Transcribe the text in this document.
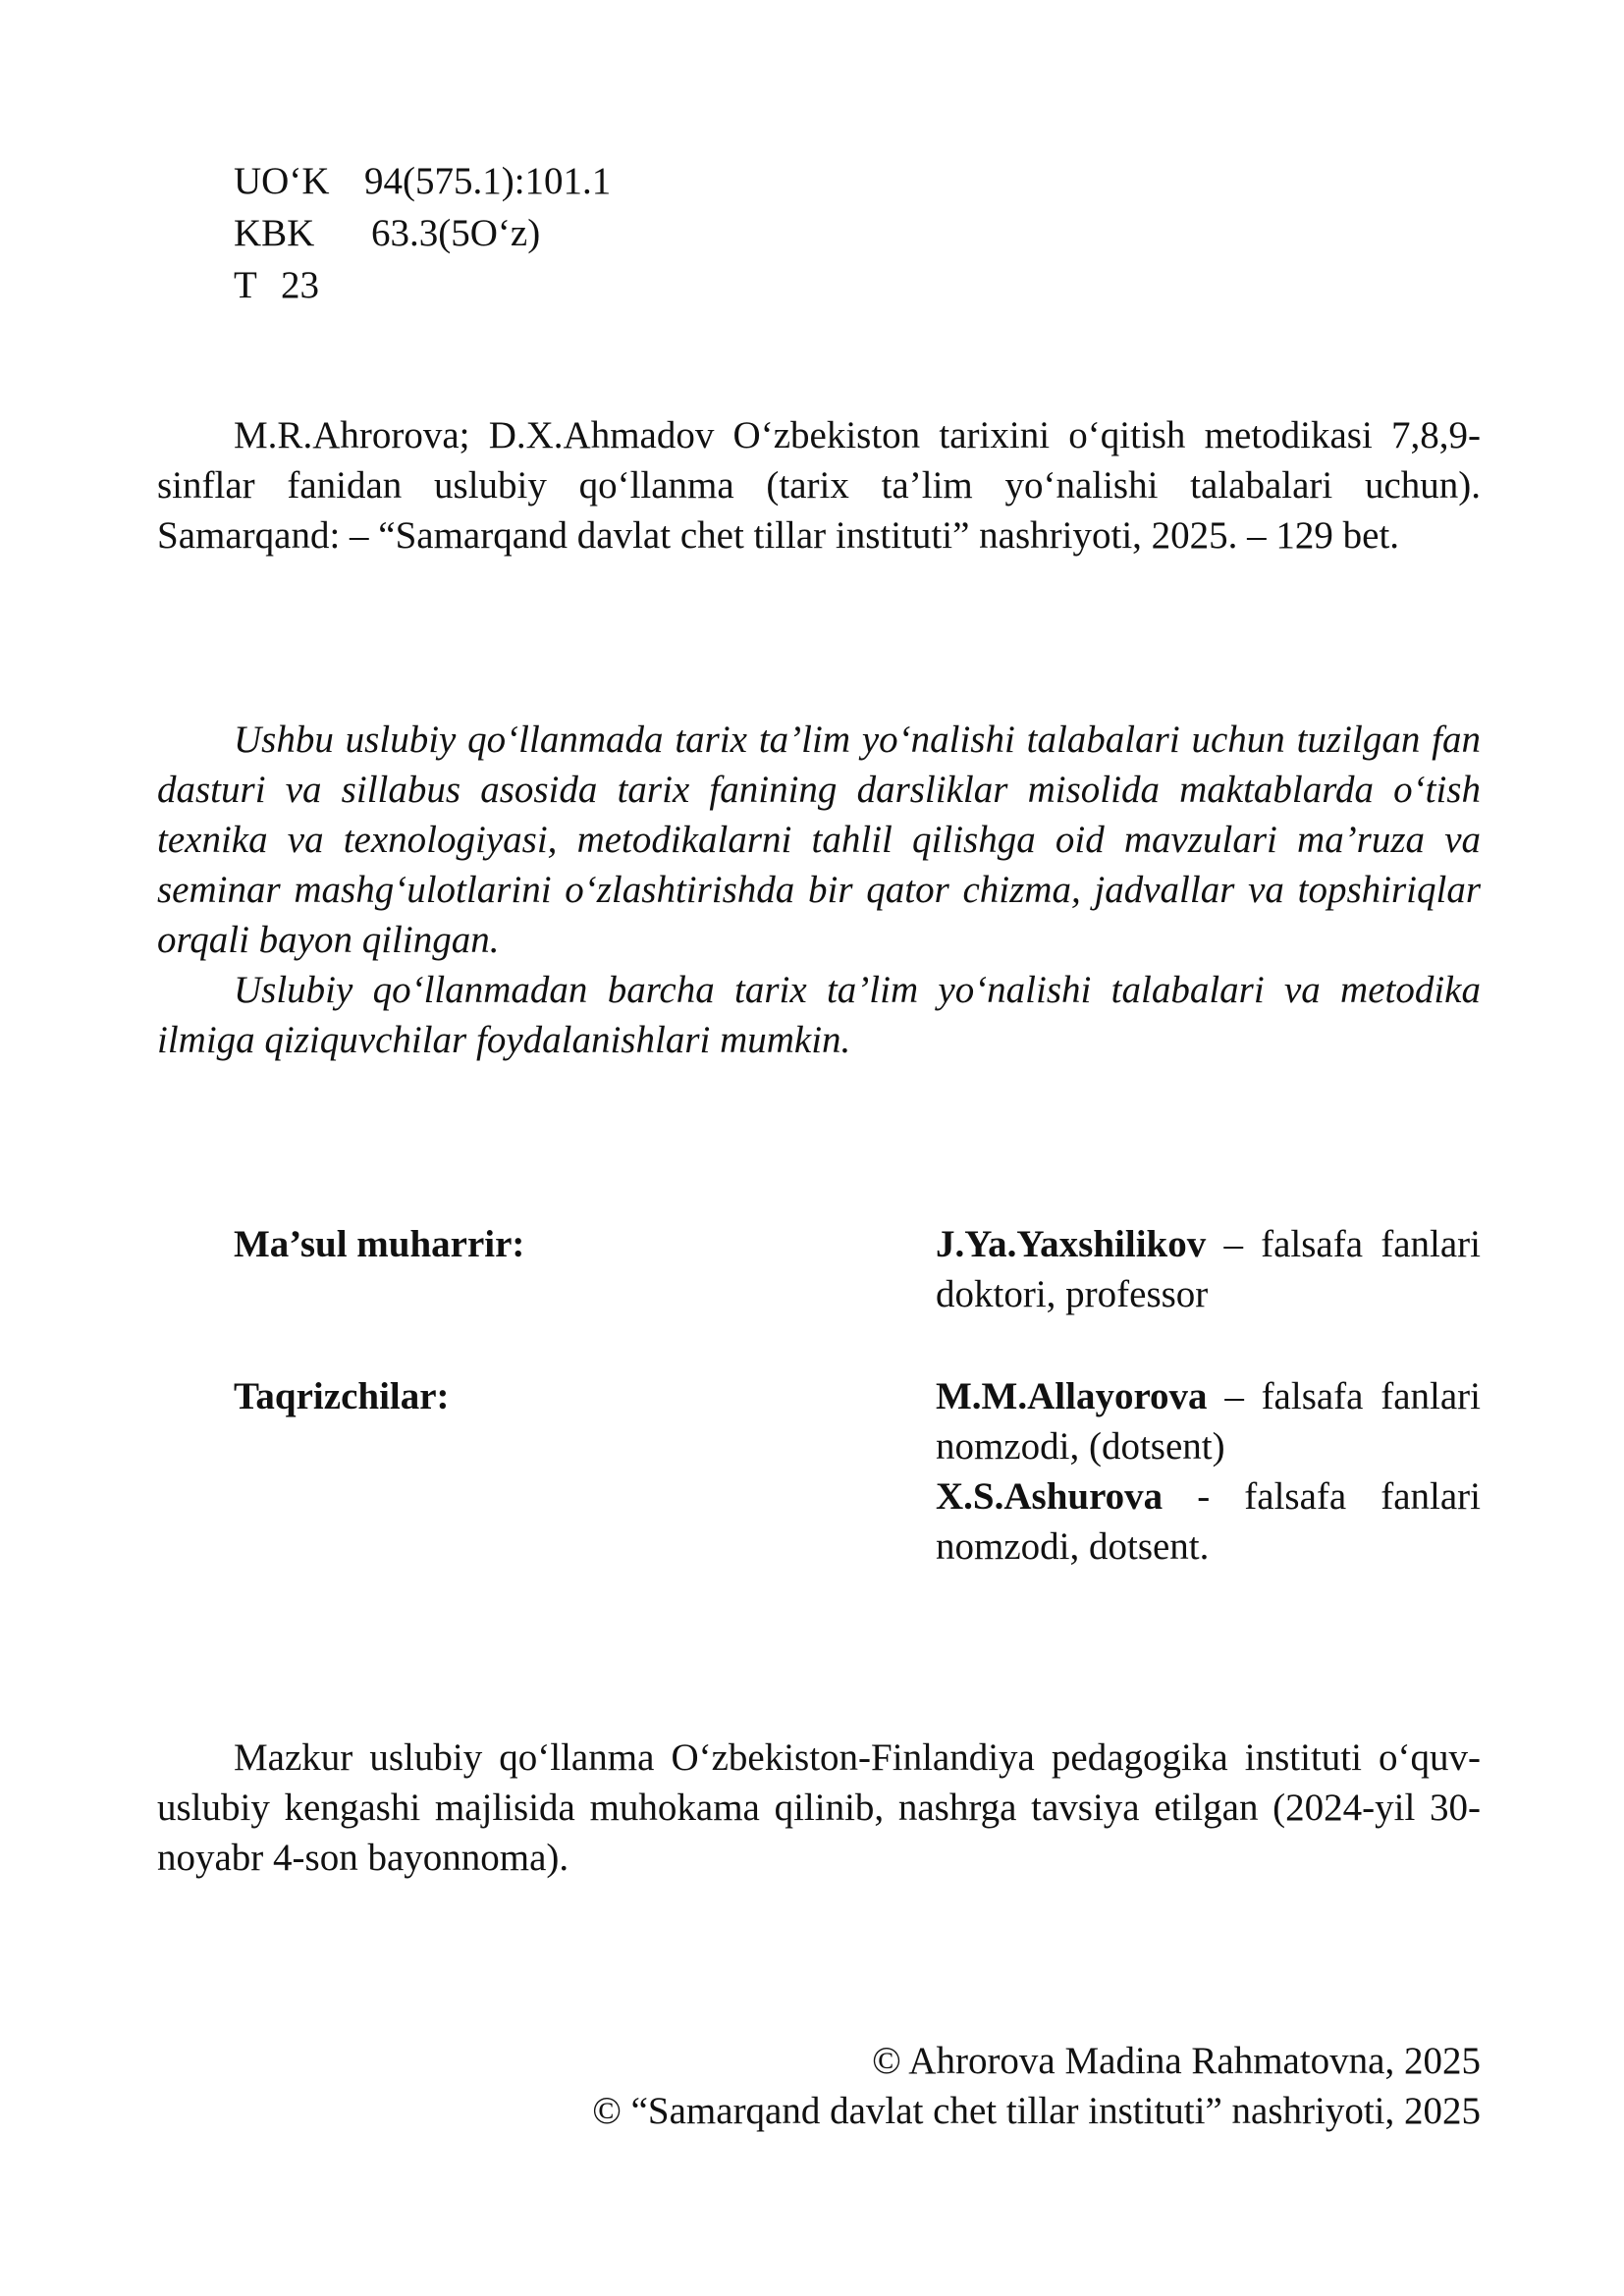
UO‘K 94(575.1):101.1
KBK 63.3(5O‘z)
T 23
M.R.Ahrorova; D.X.Ahmadov O‘zbekiston tarixini o‘qitish metodikasi 7,8,9-sinflar fanidan uslubiy qo‘llanma (tarix ta’lim yo‘nalishi talabalari uchun). Samarqand: – “Samarqand davlat chet tillar instituti” nashriyoti, 2025. – 129 bet.

Ushbu uslubiy qo‘llanmada tarix ta’lim yo‘nalishi talabalari uchun tuzilgan fan dasturi va sillabus asosida tarix fanining darsliklar misolida maktablarda o‘tish texnika va texnologiyasi, metodikalarni tahlil qilishga oid mavzulari ma’ruza va seminar mashg‘ulotlarini o‘zlashtirishda bir qator chizma, jadvallar va topshiriqlar orqali bayon qilingan.

Uslubiy qo‘llanmadan barcha tarix ta’lim yo‘nalishi talabalari va metodika ilmiga qiziquvchilar foydalanishlari mumkin.

Ma’sul muharrir:	J.Ya.Yaxshilikov – falsafa fanlari doktori, professor
Taqrizchilar:	M.M.Allayorova – falsafa fanlari nomzodi, (dotsent)
X.S.Ashurova - falsafa fanlari nomzodi, dotsent.
Mazkur uslubiy qo‘llanma O‘zbekiston-Finlandiya pedagogika instituti o‘quv-uslubiy kengashi majlisida muhokama qilinib, nashrga tavsiya etilgan (2024-yil 30-noyabr 4-son bayonnoma).
© Ahrorova Madina Rahmatovna, 2025
© “Samarqand davlat chet tillar instituti” nashriyoti, 2025
